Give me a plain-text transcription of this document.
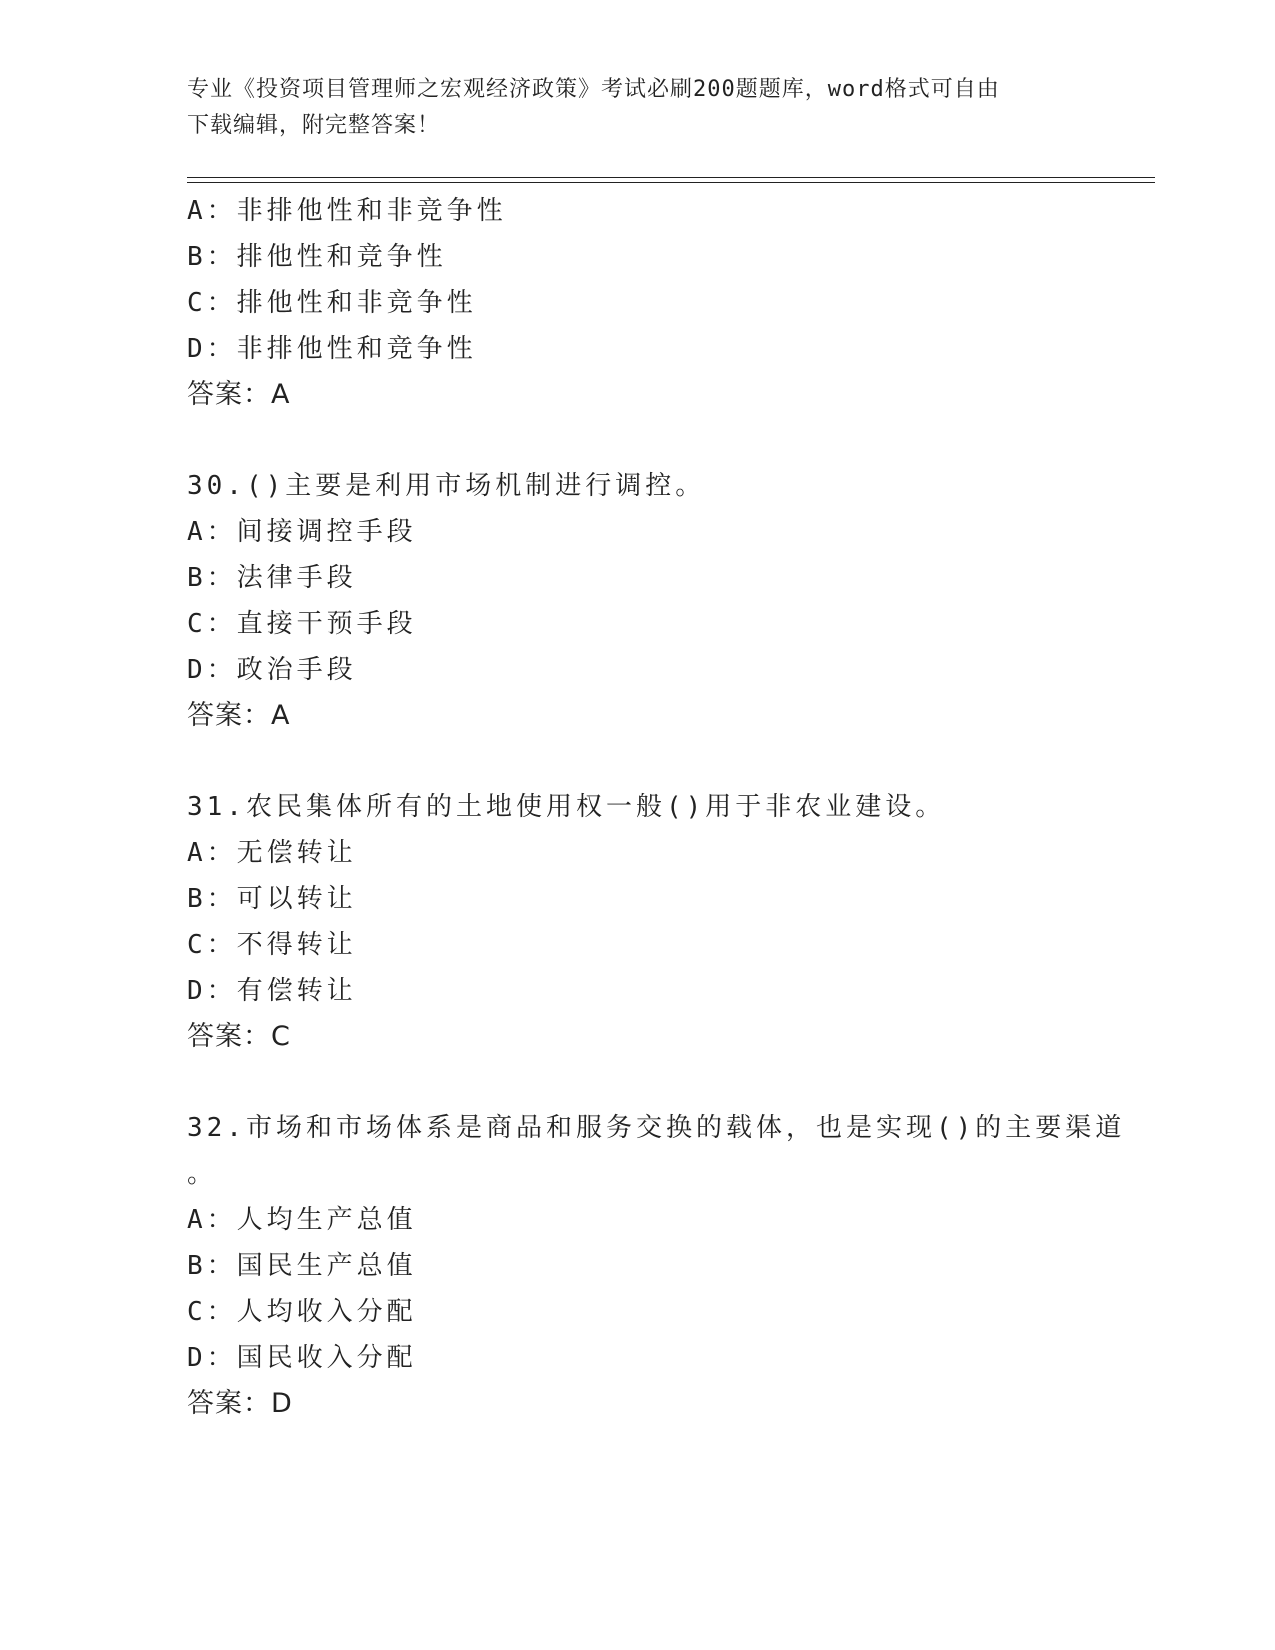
专业《投资项目管理师之宏观经济政策》考试必刷200题题库，word格式可自由
下载编辑，附完整答案！
A：非排他性和非竞争性
B：排他性和竞争性
C：排他性和非竞争性
D：非排他性和竞争性
答案：A
30.()主要是利用市场机制进行调控。
A：间接调控手段
B：法律手段
C：直接干预手段
D：政治手段
答案：A
31.农民集体所有的土地使用权一般()用于非农业建设。
A：无偿转让
B：可以转让
C：不得转让
D：有偿转让
答案：C
32.市场和市场体系是商品和服务交换的载体，也是实现()的主要渠道
。
A：人均生产总值
B：国民生产总值
C：人均收入分配
D：国民收入分配
答案：D
